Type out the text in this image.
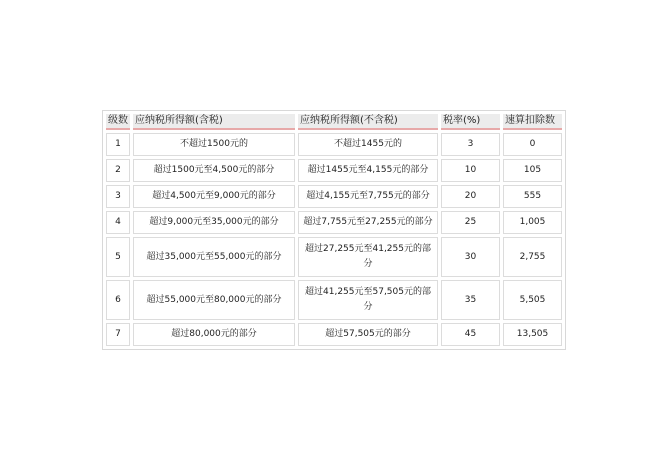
级数	应纳税所得额(含税)	应纳税所得额(不含税)	税率(%)	速算扣除数
1	不超过1500元的	不超过1455元的	3	0
2	超过1500元至4,500元的部分	超过1455元至4,155元的部分	10	105
3	超过4,500元至9,000元的部分	超过4,155元至7,755元的部分	20	555
4	超过9,000元至35,000元的部分	超过7,755元至27,255元的部分	25	1,005
5	超过35,000元至55,000元的部分	超过27,255元至41,255元的部分	30	2,755
6	超过55,000元至80,000元的部分	超过41,255元至57,505元的部分	35	5,505
7	超过80,000元的部分	超过57,505元的部分	45	13,505
